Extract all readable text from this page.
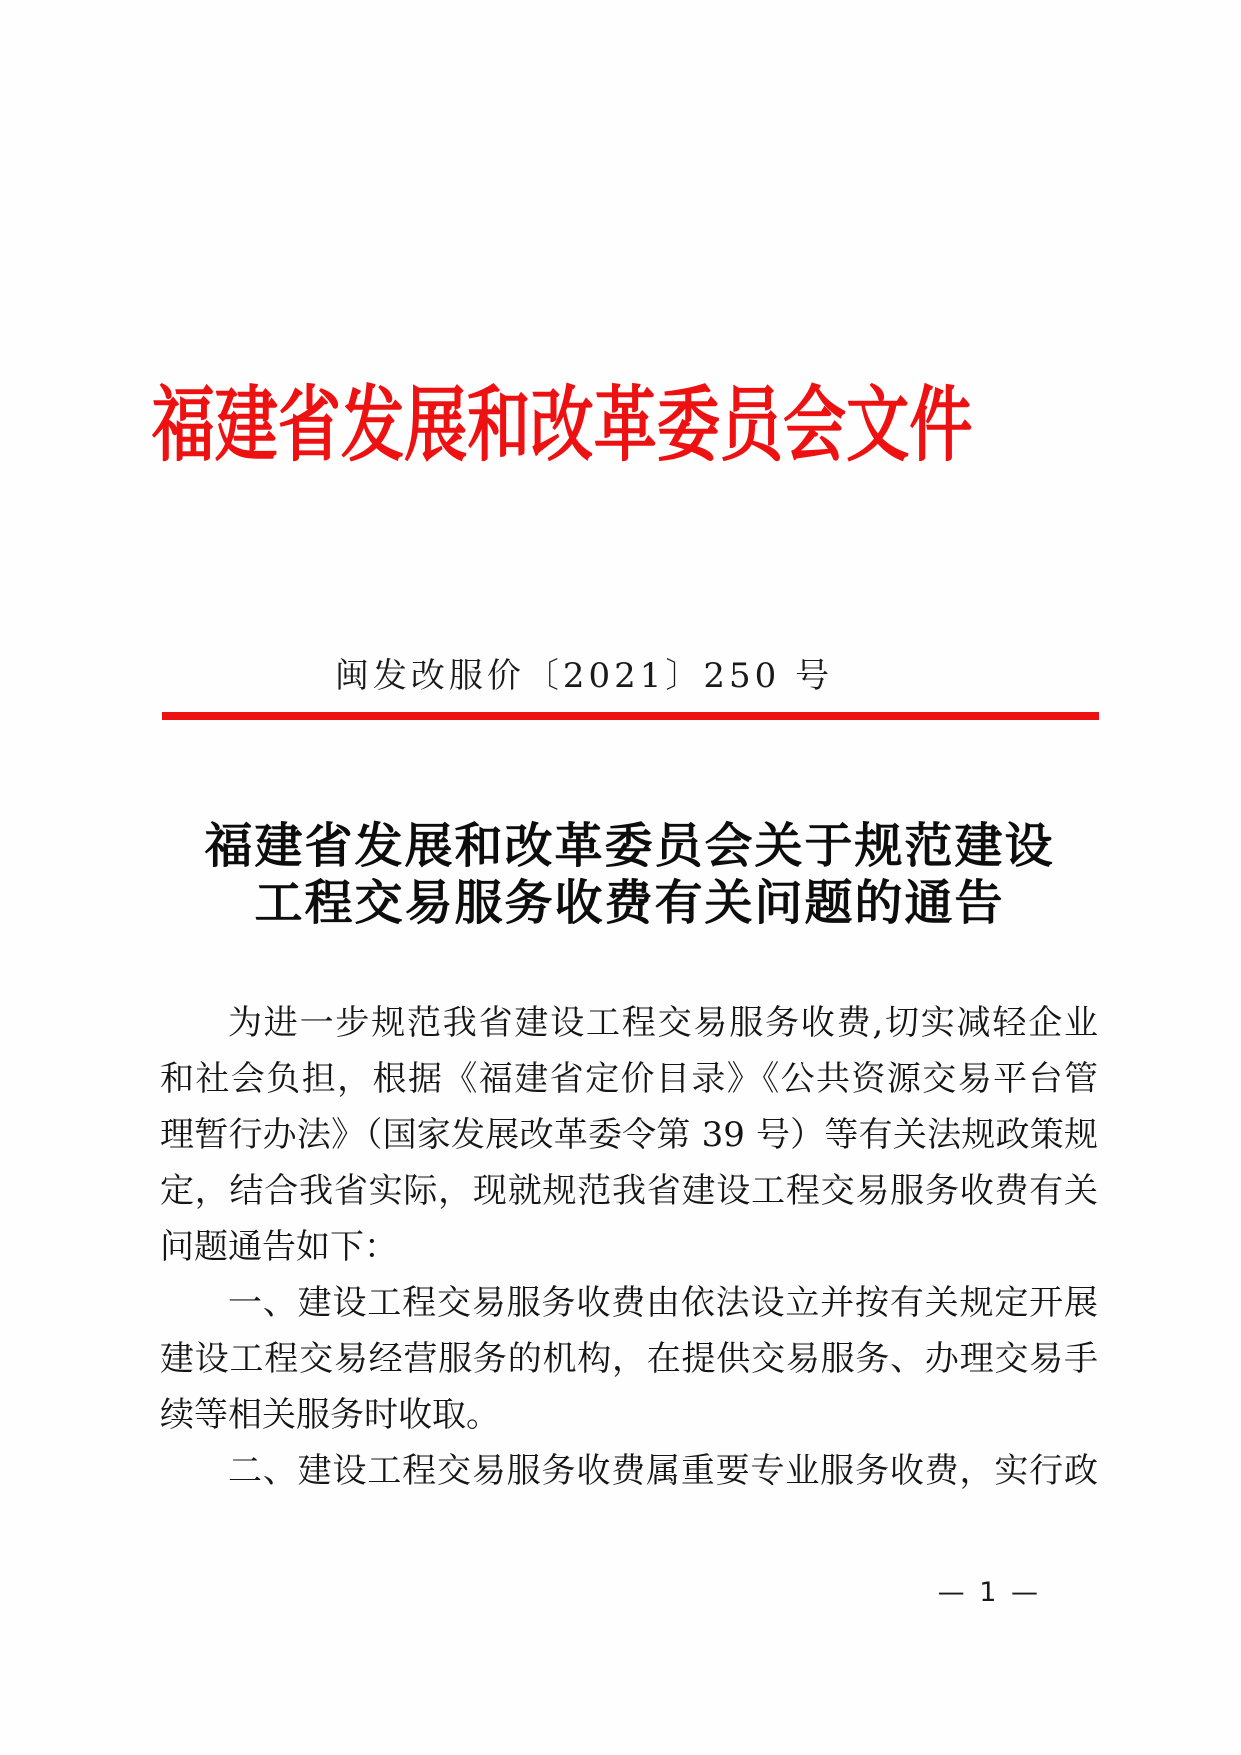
福建省发展和改革委员会文件
闽发改服价〔2021〕250 号
福建省发展和改革委员会关于规范建设
工程交易服务收费有关问题的通告
为进一步规范我省建设工程交易服务收费,切实减轻企业
和社会负担，根据《福建省定价目录》《公共资源交易平台管
理暂行办法》（国家发展改革委令第 39 号）等有关法规政策规
定，结合我省实际，现就规范我省建设工程交易服务收费有关
问题通告如下：
一、建设工程交易服务收费由依法设立并按有关规定开展
建设工程交易经营服务的机构，在提供交易服务、办理交易手
续等相关服务时收取。
二、建设工程交易服务收费属重要专业服务收费，实行政
— 1 —
